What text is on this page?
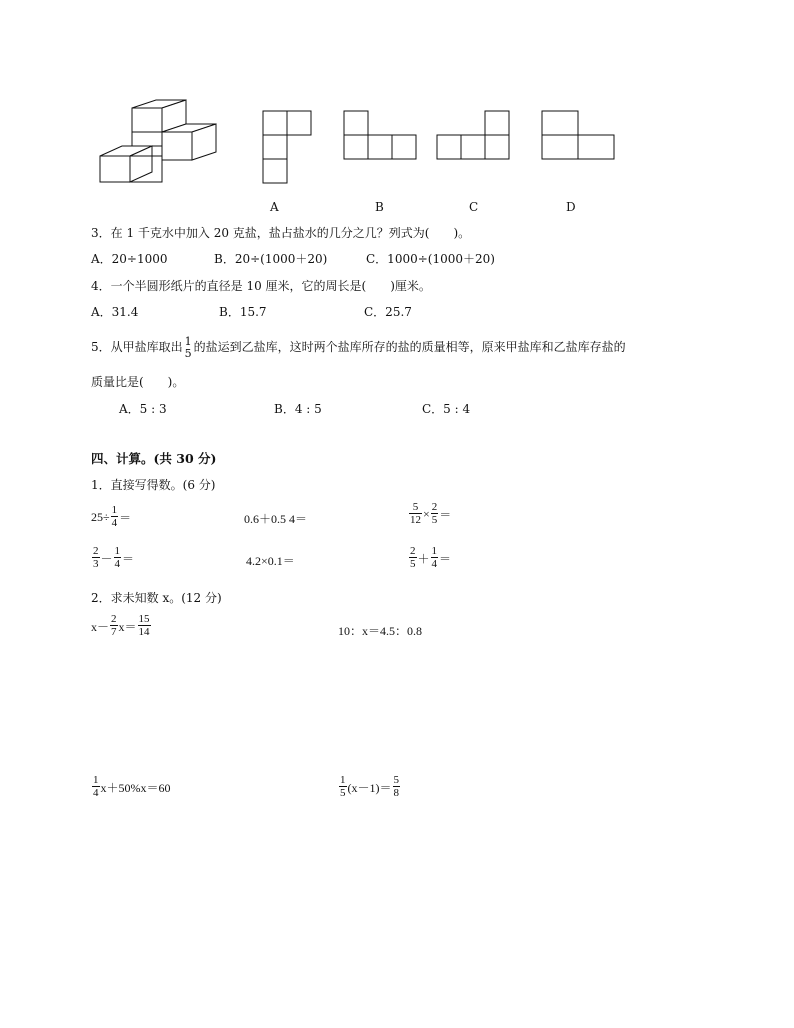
A	B	C	D
3．在 1 千克水中加入 20 克盐，盐占盐水的几分之几？列式为(　　)。
A．20÷1000	B．20÷(1000＋20)	C．1000÷(1000＋20)
4．一个半圆形纸片的直径是 10 厘米，它的周长是(　　)厘米。
A．31.4	B．15.7	C．25.7
5．从甲盐库取出 1
5 的盐运到乙盐库，这时两个盐库所存的盐的质量相等，原来甲盐库和乙盐库存盐的
质量比是(　　)。
A．5 : 3	B．4 : 5	C．5 : 4
四、计算。(共 30 分)
1．直接写得数。(6 分)
$25\div \frac{1}{4}$ ＝	0.6＋0.5 4＝	$\frac{5}{12} \times \frac{2}{5}$ ＝
$\frac{2}{3} - \frac{1}{4}$ ＝	4.2×0.1＝	$\frac{2}{5} + \frac{1}{4}$ ＝
2．求未知数 x。(12 分)
$x- \frac{2}{7} x= \frac{15}{14}$	10：x＝4.5：0.8
$\frac{1}{4} x+50\%x=60$	$\frac{1}{5} (x-1)= \frac{5}{8}$
